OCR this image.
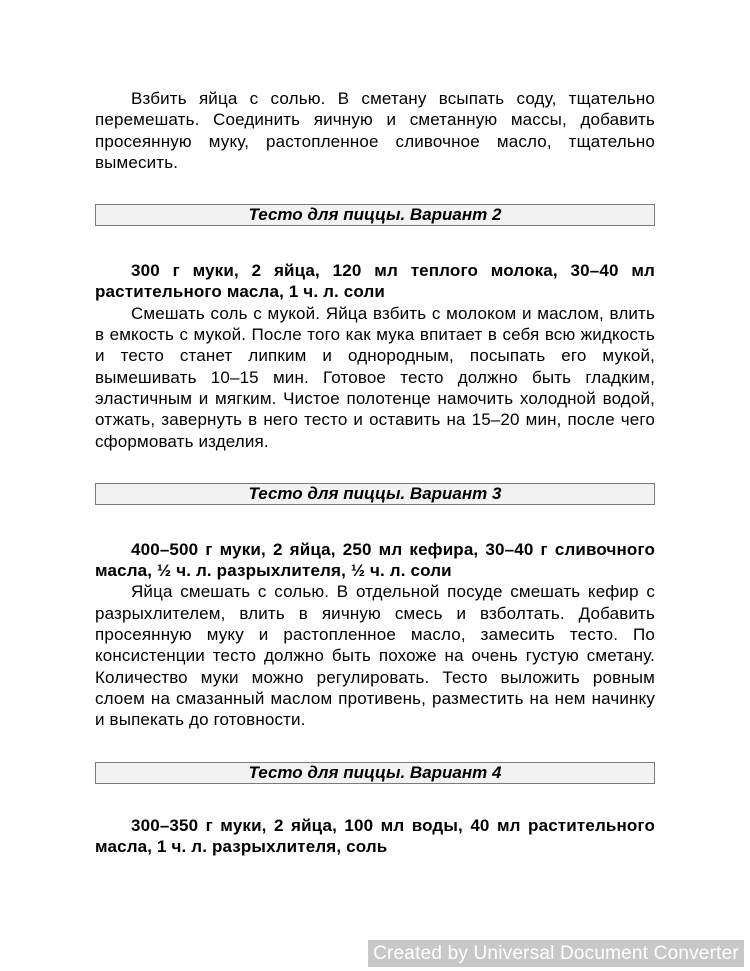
Взбить яйца с солью. В сметану всыпать соду, тщательно перемешать. Соединить яичную и сметанную массы, добавить просеянную муку, растопленное сливочное масло, тщательно вымесить.

Тесто для пиццы. Вариант 2

300 г муки, 2 яйца, 120 мл теплого молока, 30–40 мл растительного масла, 1 ч. л. соли

Смешать соль с мукой. Яйца взбить с молоком и маслом, влить в емкость с мукой. После того как мука впитает в себя всю жидкость и тесто станет липким и однородным, посыпать его мукой, вымешивать 10–15 мин. Готовое тесто должно быть гладким, эластичным и мягким. Чистое полотенце намочить холодной водой, отжать, завернуть в него тесто и оставить на 15–20 мин, после чего сформовать изделия.

Тесто для пиццы. Вариант 3

400–500 г муки, 2 яйца, 250 мл кефира, 30–40 г сливочного масла, ½ ч. л. разрыхлителя, ½ ч. л. соли

Яйца смешать с солью. В отдельной посуде смешать кефир с разрыхлителем, влить в яичную смесь и взболтать. Добавить просеянную муку и растопленное масло, замесить тесто. По консистенции тесто должно быть похоже на очень густую сметану. Количество муки можно регулировать. Тесто выложить ровным слоем на смазанный маслом противень, разместить на нем начинку и выпекать до готовности.

Тесто для пиццы. Вариант 4

300–350 г муки, 2 яйца, 100 мл воды, 40 мл растительного масла, 1 ч. л. разрыхлителя, соль

Created by Universal Document Converter
